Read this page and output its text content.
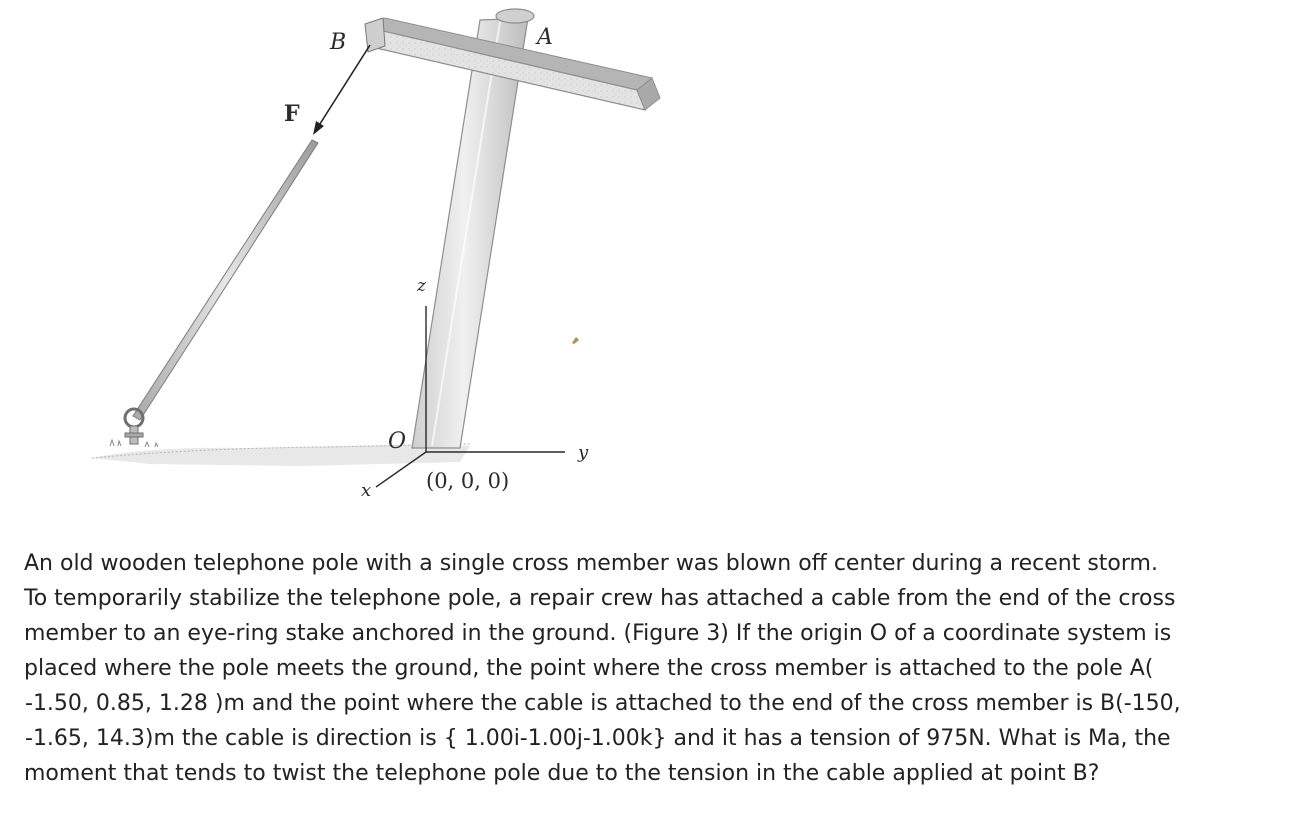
B	A
F
z
y
x
O
(0, 0, 0)

An old wooden telephone pole with a single cross member was blown off center during a recent storm.
To temporarily stabilize the telephone pole, a repair crew has attached a cable from the end of the cross
member to an eye-ring stake anchored in the ground. (Figure 3) If the origin O of a coordinate system is
placed where the pole meets the ground, the point where the cross member is attached to the pole A(
-1.50, 0.85, 1.28 )m and the point where the cable is attached to the end of the cross member is B(-150,
-1.65, 14.3)m the cable is direction is { 1.00i-1.00j-1.00k} and it has a tension of 975N. What is Ma, the
moment that tends to twist the telephone pole due to the tension in the cable applied at point B?
